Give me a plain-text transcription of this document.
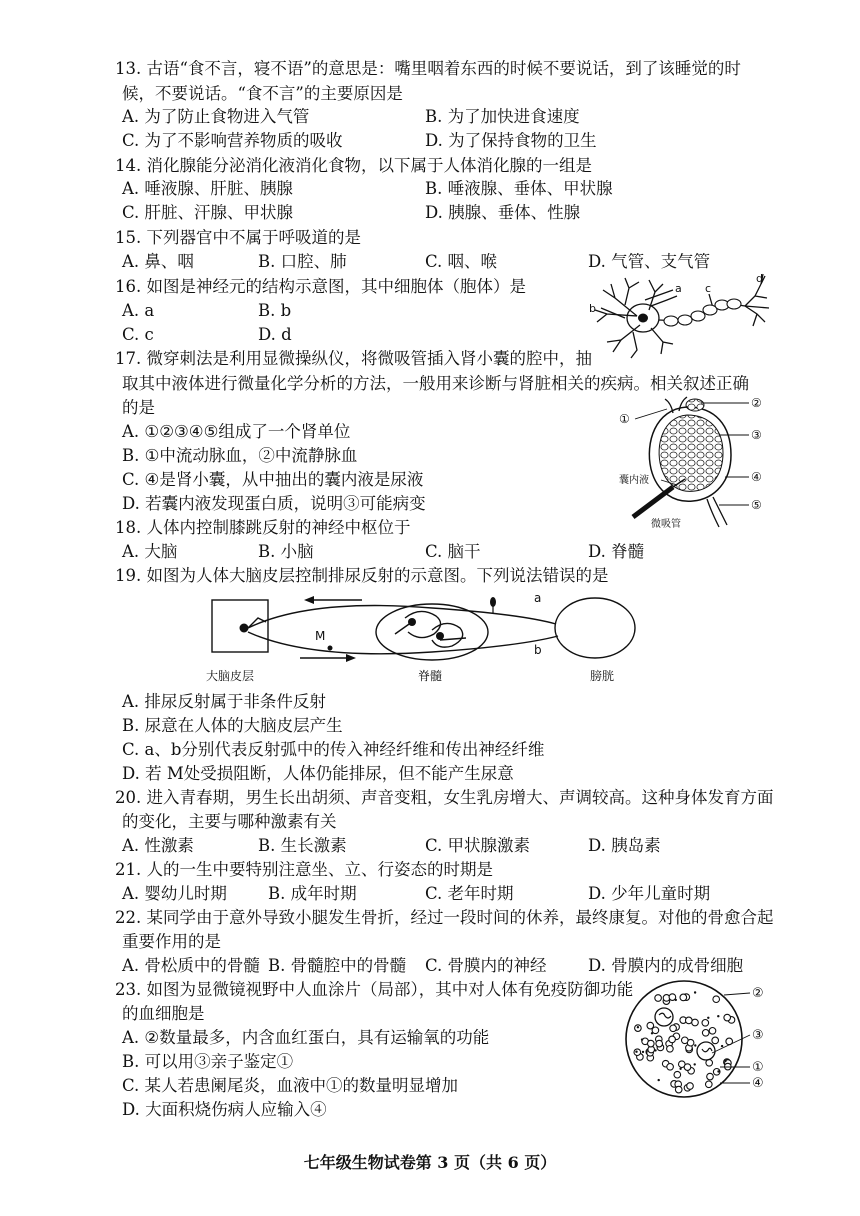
13. 古语“食不言，寝不语”的意思是：嘴里咽着东西的时候不要说话，到了该睡觉的时
候，不要说话。“食不言”的主要原因是
A. 为了防止食物进入气管	B. 为了加快进食速度
C. 为了不影响营养物质的吸收	D. 为了保持食物的卫生
14. 消化腺能分泌消化液消化食物，以下属于人体消化腺的一组是
A. 唾液腺、肝脏、胰腺	B. 唾液腺、垂体、甲状腺
C. 肝脏、汗腺、甲状腺	D. 胰腺、垂体、性腺
15. 下列器官中不属于呼吸道的是
A. 鼻、咽	B. 口腔、肺	C. 咽、喉	D. 气管、支气管
16. 如图是神经元的结构示意图，其中细胞体（胞体）是
A. a	B. b
C. c	D. d
a
b
c
d
17. 微穿刺法是利用显微操纵仪，将微吸管插入肾小囊的腔中，抽
取其中液体进行微量化学分析的方法，一般用来诊断与肾脏相关的疾病。相关叙述正确
的是
A. ①②③④⑤组成了一个肾单位
B. ①中流动脉血，②中流静脉血
C. ④是肾小囊，从中抽出的囊内液是尿液
D. 若囊内液发现蛋白质，说明③可能病变
①
②
③
④
⑤
囊内液
微吸管
18. 人体内控制膝跳反射的神经中枢位于
A. 大脑	B. 小脑	C. 脑干	D. 脊髓
19. 如图为人体大脑皮层控制排尿反射的示意图。下列说法错误的是
a
b
M
大脑皮层	脊髓	膀胱
A. 排尿反射属于非条件反射
B. 尿意在人体的大脑皮层产生
C. a、b分别代表反射弧中的传入神经纤维和传出神经纤维
D. 若 M处受损阻断，人体仍能排尿，但不能产生尿意
20. 进入青春期，男生长出胡须、声音变粗，女生乳房增大、声调较高。这种身体发育方面
的变化，主要与哪种激素有关
A. 性激素	B. 生长激素	C. 甲状腺激素	D. 胰岛素
21. 人的一生中要特别注意坐、立、行姿态的时期是
A. 婴幼儿时期 B. 成年时期	C. 老年时期	D. 少年儿童时期
22. 某同学由于意外导致小腿发生骨折，经过一段时间的休养，最终康复。对他的骨愈合起
重要作用的是
A. 骨松质中的骨髓 B. 骨髓腔中的骨髓 C. 骨膜内的神经	D. 骨膜内的成骨细胞
23. 如图为显微镜视野中人血涂片（局部），其中对人体有免疫防御功能
的血细胞是
A. ②数量最多，内含血红蛋白，具有运输氧的功能
B. 可以用③亲子鉴定①
C. 某人若患阑尾炎，血液中①的数量明显增加
D. 大面积烧伤病人应输入④
②
③
①
④
七年级生物试卷第 3 页（共 6 页）
